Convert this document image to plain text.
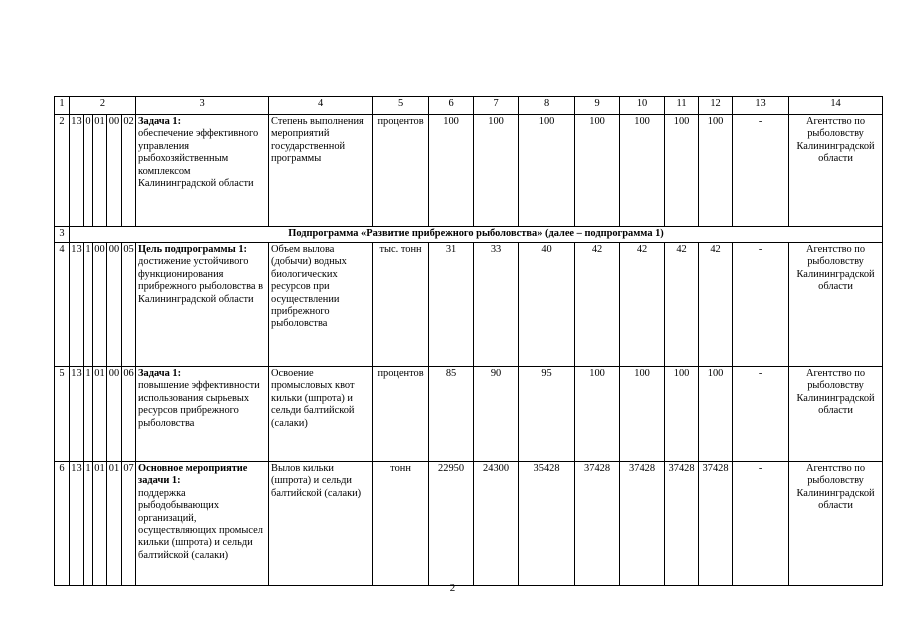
1	2					3	4	5	6	7	8	9	10	11	12	13	14
2	13	0	01	00	02	Задача 1:
обеспечение эффективного управления рыбохозяйственным комплексом Калининградской области	Степень выполнения мероприятий государственной программы	процентов	100	100	100	100	100	100	100	-	Агентство по рыболовству Калининградской области
3	Подпрограмма «Развитие прибрежного рыболовства» (далее – подпрограмма 1)																
4	13	1	00	00	05	Цель подпрограммы 1:
достижение устойчивого функционирования прибрежного рыболовства в Калининградской области	Объем вылова (добычи) водных биологических ресурсов при осуществлении прибрежного рыболовства	тыс. тонн	31	33	40	42	42	42	42	-	Агентство по рыболовству Калининградской области
5	13	1	01	00	06	Задача 1:
повышение эффективности использования сырьевых ресурсов прибрежного рыболовства	Освоение промысловых квот кильки (шпрота) и сельди балтийской (салаки)	процентов	85	90	95	100	100	100	100	-	Агентство по рыболовству Калининградской области
6	13	1	01	01	07	Основное мероприятие задачи 1:
поддержка рыбодобывающих организаций, осуществляющих промысел кильки (шпрота) и сельди балтийской (салаки)	Вылов кильки (шпрота) и сельди балтийской (салаки)	тонн	22950	24300	35428	37428	37428	37428	37428	-	Агентство по рыболовству Калининградской области
2
